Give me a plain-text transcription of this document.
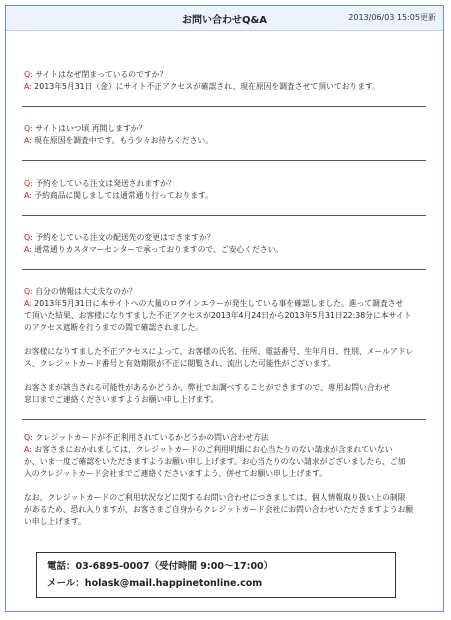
お問い合わせQ&A	2013/06/03 15:05更新
Q: サイトはなぜ閉まっているのですか？
A: 2013年5月31日（金）にサイト不正アクセスが確認され、現在原因を調査させて頂いております。
Q: サイトはいつ頃 再開しますか？
A: 現在原因を調査中です。もう少々お待ちください。
Q: 予約をしている注文は発送されますか？
A: 予約商品に関しましては通常通り行っております。
Q: 予約をしている注文の配送先の変更はできますか？
A: 通常通りカスタマーセンターで承っておりますので、ご安心ください。
Q: 自分の情報は大丈夫なのか？
A: 2013年5月31日に本サイトへの大量のログインエラーが発生している事を確認しました。進って調査させ
て頂いた結果、お客様になりすました不正アクセスが2013年4月24日から2013年5月31日22:38分に本サイト
のアクセス遮断を行うまでの間で確認されました。
お客様になりすました不正アクセスによって、お客様の氏名、住所、電話番号、生年月日、性別、メールアドレ
ス、クレジットカード番号と有効期限が不正に閲覧され、流出した可能性がございます。
お客さまが該当される可能性があるかどうか、弊社でお調べすることができますので、専用お問い合わせ
窓口までご連絡くださいますようお願い申し上げます。
Q: クレジットカードが不正利用されているかどうかの問い合わせ方法
A: お客さまにおかれましては、クレジットカードのご利用明細にお心当たりのない請求が含まれていない
か、いま一度ご確認をいただきますようお願い申し上げます。お心当たりのない請求がございましたら、ご加
入のクレジットカード会社までご連絡くださいますよう、併せてお願い申し上げます。
なお、クレジットカードのご利用状況などに関するお問い合わせにつきましては、個人情報取り扱い上の制限
があるため、恐れ入りますが、お客さまご自身からクレジットカード会社にお問い合わせいただきますようお願
い申し上げます。
電話：03-6895-0007（受付時間 9:00～17:00）
メール：holask@mail.happinetonline.com
